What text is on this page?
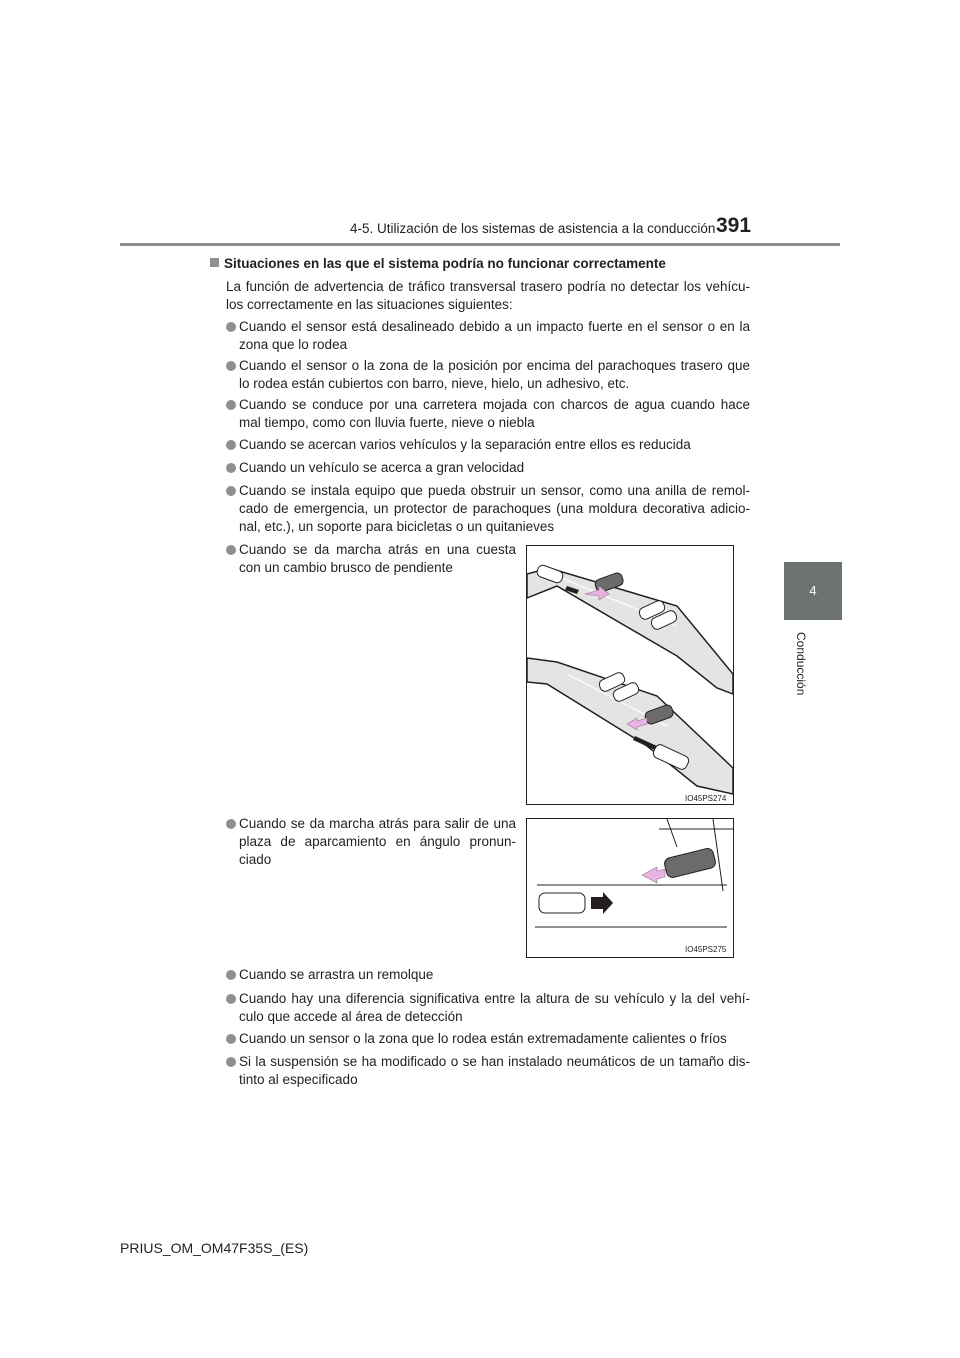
4-5. Utilización de los sistemas de asistencia a la conducción 391
4
Conducción
Situaciones en las que el sistema podría no funcionar correctamente
La función de advertencia de tráfico transversal trasero podría no detectar los vehícu-los correctamente en las situaciones siguientes:
Cuando el sensor está desalineado debido a un impacto fuerte en el sensor o en la zona que lo rodea
Cuando el sensor o la zona de la posición por encima del parachoques trasero que lo rodea están cubiertos con barro, nieve, hielo, un adhesivo, etc.
Cuando se conduce por una carretera mojada con charcos de agua cuando hace mal tiempo, como con lluvia fuerte, nieve o niebla
Cuando se acercan varios vehículos y la separación entre ellos es reducida
Cuando un vehículo se acerca a gran velocidad
Cuando se instala equipo que pueda obstruir un sensor, como una anilla de remol-cado de emergencia, un protector de parachoques (una moldura decorativa adicio-nal, etc.), un soporte para bicicletas o un quitanieves
Cuando se da marcha atrás en una cuesta con un cambio brusco de pendiente
Cuando se da marcha atrás para salir de una plaza de aparcamiento en ángulo pronun-ciado
Cuando se arrastra un remolque
Cuando hay una diferencia significativa entre la altura de su vehículo y la del vehí-culo que accede al área de detección
Cuando un sensor o la zona que lo rodea están extremadamente calientes o fríos
Si la suspensión se ha modificado o se han instalado neumáticos de un tamaño dis-tinto al especificado
IO45PS274
IO45PS275
PRIUS_OM_OM47F35S_(ES)
